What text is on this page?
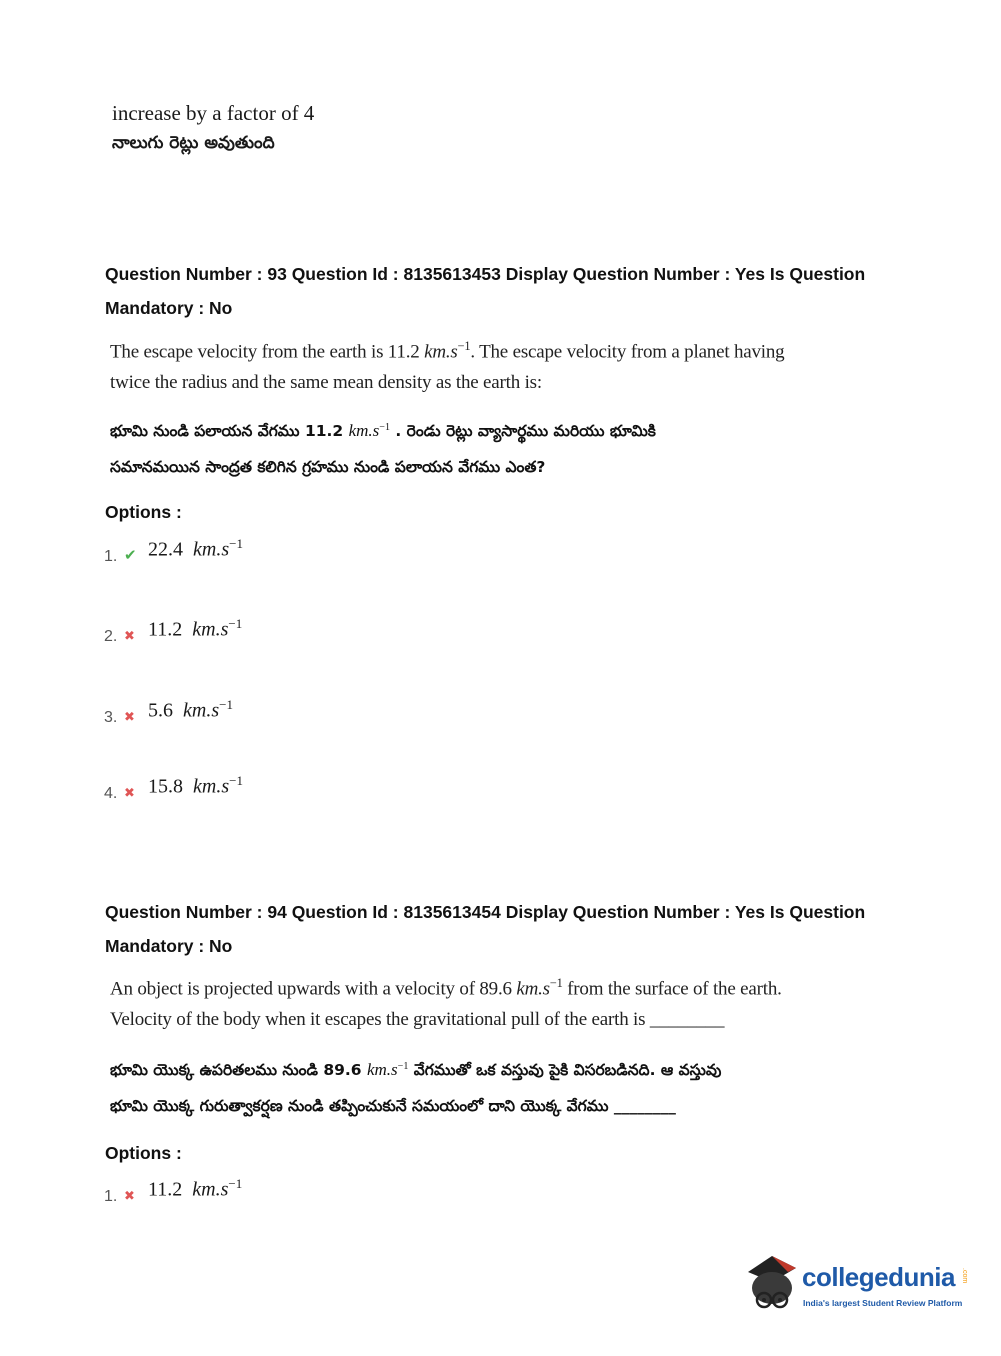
increase by a factor of 4
నాలుగు రెట్లు అవుతుంది
Question Number : 93 Question Id : 8135613453 Display Question Number : Yes Is Question
Mandatory : No
The escape velocity from the earth is 11.2 $km.s^{-1}$. The escape velocity from a planet having
twice the radius and the same mean density as the earth is:
భూమి నుండి పలాయన వేగము 11.2 $km.s^{-1}$ . రెండు రెట్లు వ్యాసార్థము మరియు భూమికి
సమానమయిన సాంద్రత కలిగిన గ్రహము నుండి పలాయన వేగము ఎంత?
Options :
1. ✔ 22.4 $km.s^{-1}$
2. ✖ 11.2 $km.s^{-1}$
3. ✖ 5.6 $km.s^{-1}$
4. ✖ 15.8 $km.s^{-1}$
Question Number : 94 Question Id : 8135613454 Display Question Number : Yes Is Question
Mandatory : No
An object is projected upwards with a velocity of 89.6 $km.s^{-1}$ from the surface of the earth.
Velocity of the body when it escapes the gravitational pull of the earth is ________
భూమి యొక్క ఉపరితలము నుండి 89.6 $km.s^{-1}$ వేగముతో ఒక వస్తువు పైకి విసరబడినది. ఆ వస్తువు
భూమి యొక్క గురుత్వాకర్షణ నుండి తప్పించుకునే సమయంలో దాని యొక్క వేగము ________
Options :
1. ✖ 11.2 $km.s^{-1}$
collegedunia .com
India's largest Student Review Platform
